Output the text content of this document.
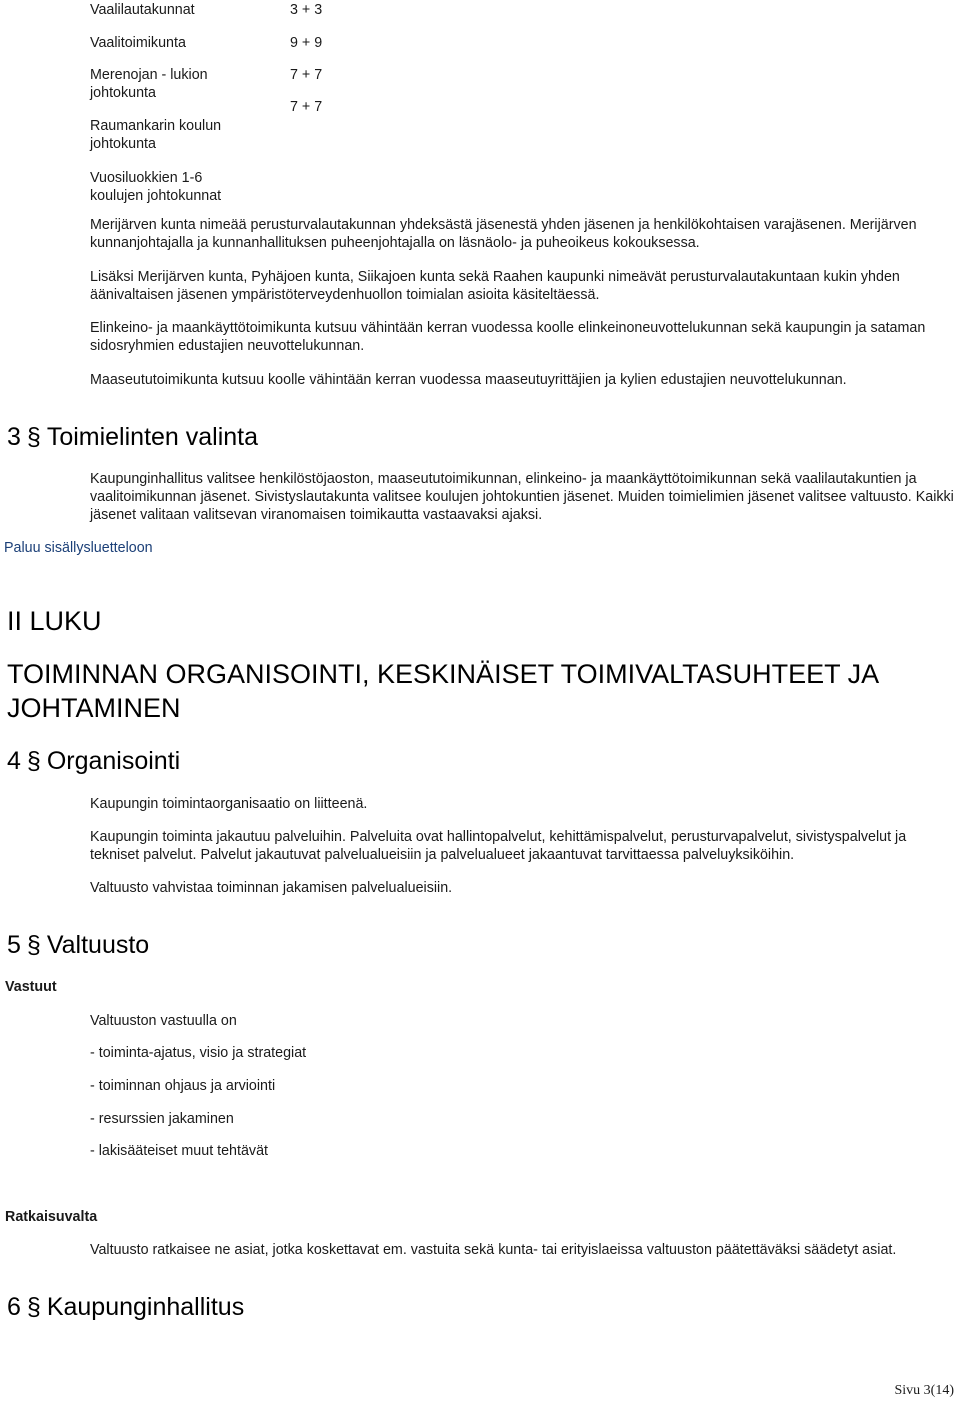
Vaalilautakunnat	3 + 3

Vaalitoimikunta	9 + 9

Merenojan - lukion johtokunta

7 + 7

Raumankarin koulun johtokunta

7 + 7

Vuosiluokkien 1-6 koulujen johtokunnat

Merijärven kunta nimeää perusturvalautakunnan yhdeksästä jäsenestä yhden jäsenen ja henkilökohtaisen varajäsenen. Merijärven kunnanjohtajalla ja kunnanhallituksen puheenjohtajalla on läsnäolo- ja puheoikeus kokouksessa.

Lisäksi Merijärven kunta, Pyhäjoen kunta, Siikajoen kunta sekä Raahen kaupunki nimeävät perusturvalautakuntaan kukin yhden äänivaltaisen jäsenen ympäristöterveydenhuollon toimialan asioita käsiteltäessä.

Elinkeino- ja maankäyttötoimikunta kutsuu vähintään kerran vuodessa koolle elinkeinoneuvottelukunnan sekä kaupungin ja sataman sidosryhmien edustajien neuvottelukunnan.

Maaseututoimikunta kutsuu koolle vähintään kerran vuodessa maaseutuyrittäjien ja kylien edustajien neuvottelukunnan.

3 § Toimielinten valinta

Kaupunginhallitus valitsee henkilöstöjaoston, maaseututoimikunnan, elinkeino- ja maankäyttötoimikunnan sekä vaalilautakuntien ja vaalitoimikunnan jäsenet. Sivistyslautakunta valitsee koulujen johtokuntien jäsenet. Muiden toimielimien jäsenet valitsee valtuusto. Kaikki jäsenet valitaan valitsevan viranomaisen toimikautta vastaavaksi ajaksi.

Paluu sisällysluetteloon
II LUKU
TOIMINNAN ORGANISOINTI, KESKINÄISET TOIMIVALTASUHTEET JA JOHTAMINEN
4 § Organisointi

Kaupungin toimintaorganisaatio on liitteenä.

Kaupungin toiminta jakautuu palveluihin. Palveluita ovat hallintopalvelut, kehittämispalvelut, perusturvapalvelut, sivistyspalvelut ja tekniset palvelut. Palvelut jakautuvat palvelualueisiin ja palvelualueet jakaantuvat tarvittaessa palveluyksiköihin.

Valtuusto vahvistaa toiminnan jakamisen palvelualueisiin.

5 § Valtuusto

Vastuut

Valtuuston vastuulla on

- toiminta-ajatus, visio ja strategiat

- toiminnan ohjaus ja arviointi

- resurssien jakaminen

- lakisääteiset muut tehtävät

Ratkaisuvalta

Valtuusto ratkaisee ne asiat, jotka koskettavat em. vastuita sekä kunta- tai erityislaeissa valtuuston päätettäväksi säädetyt asiat.

6 § Kaupunginhallitus
Sivu 3(14)
